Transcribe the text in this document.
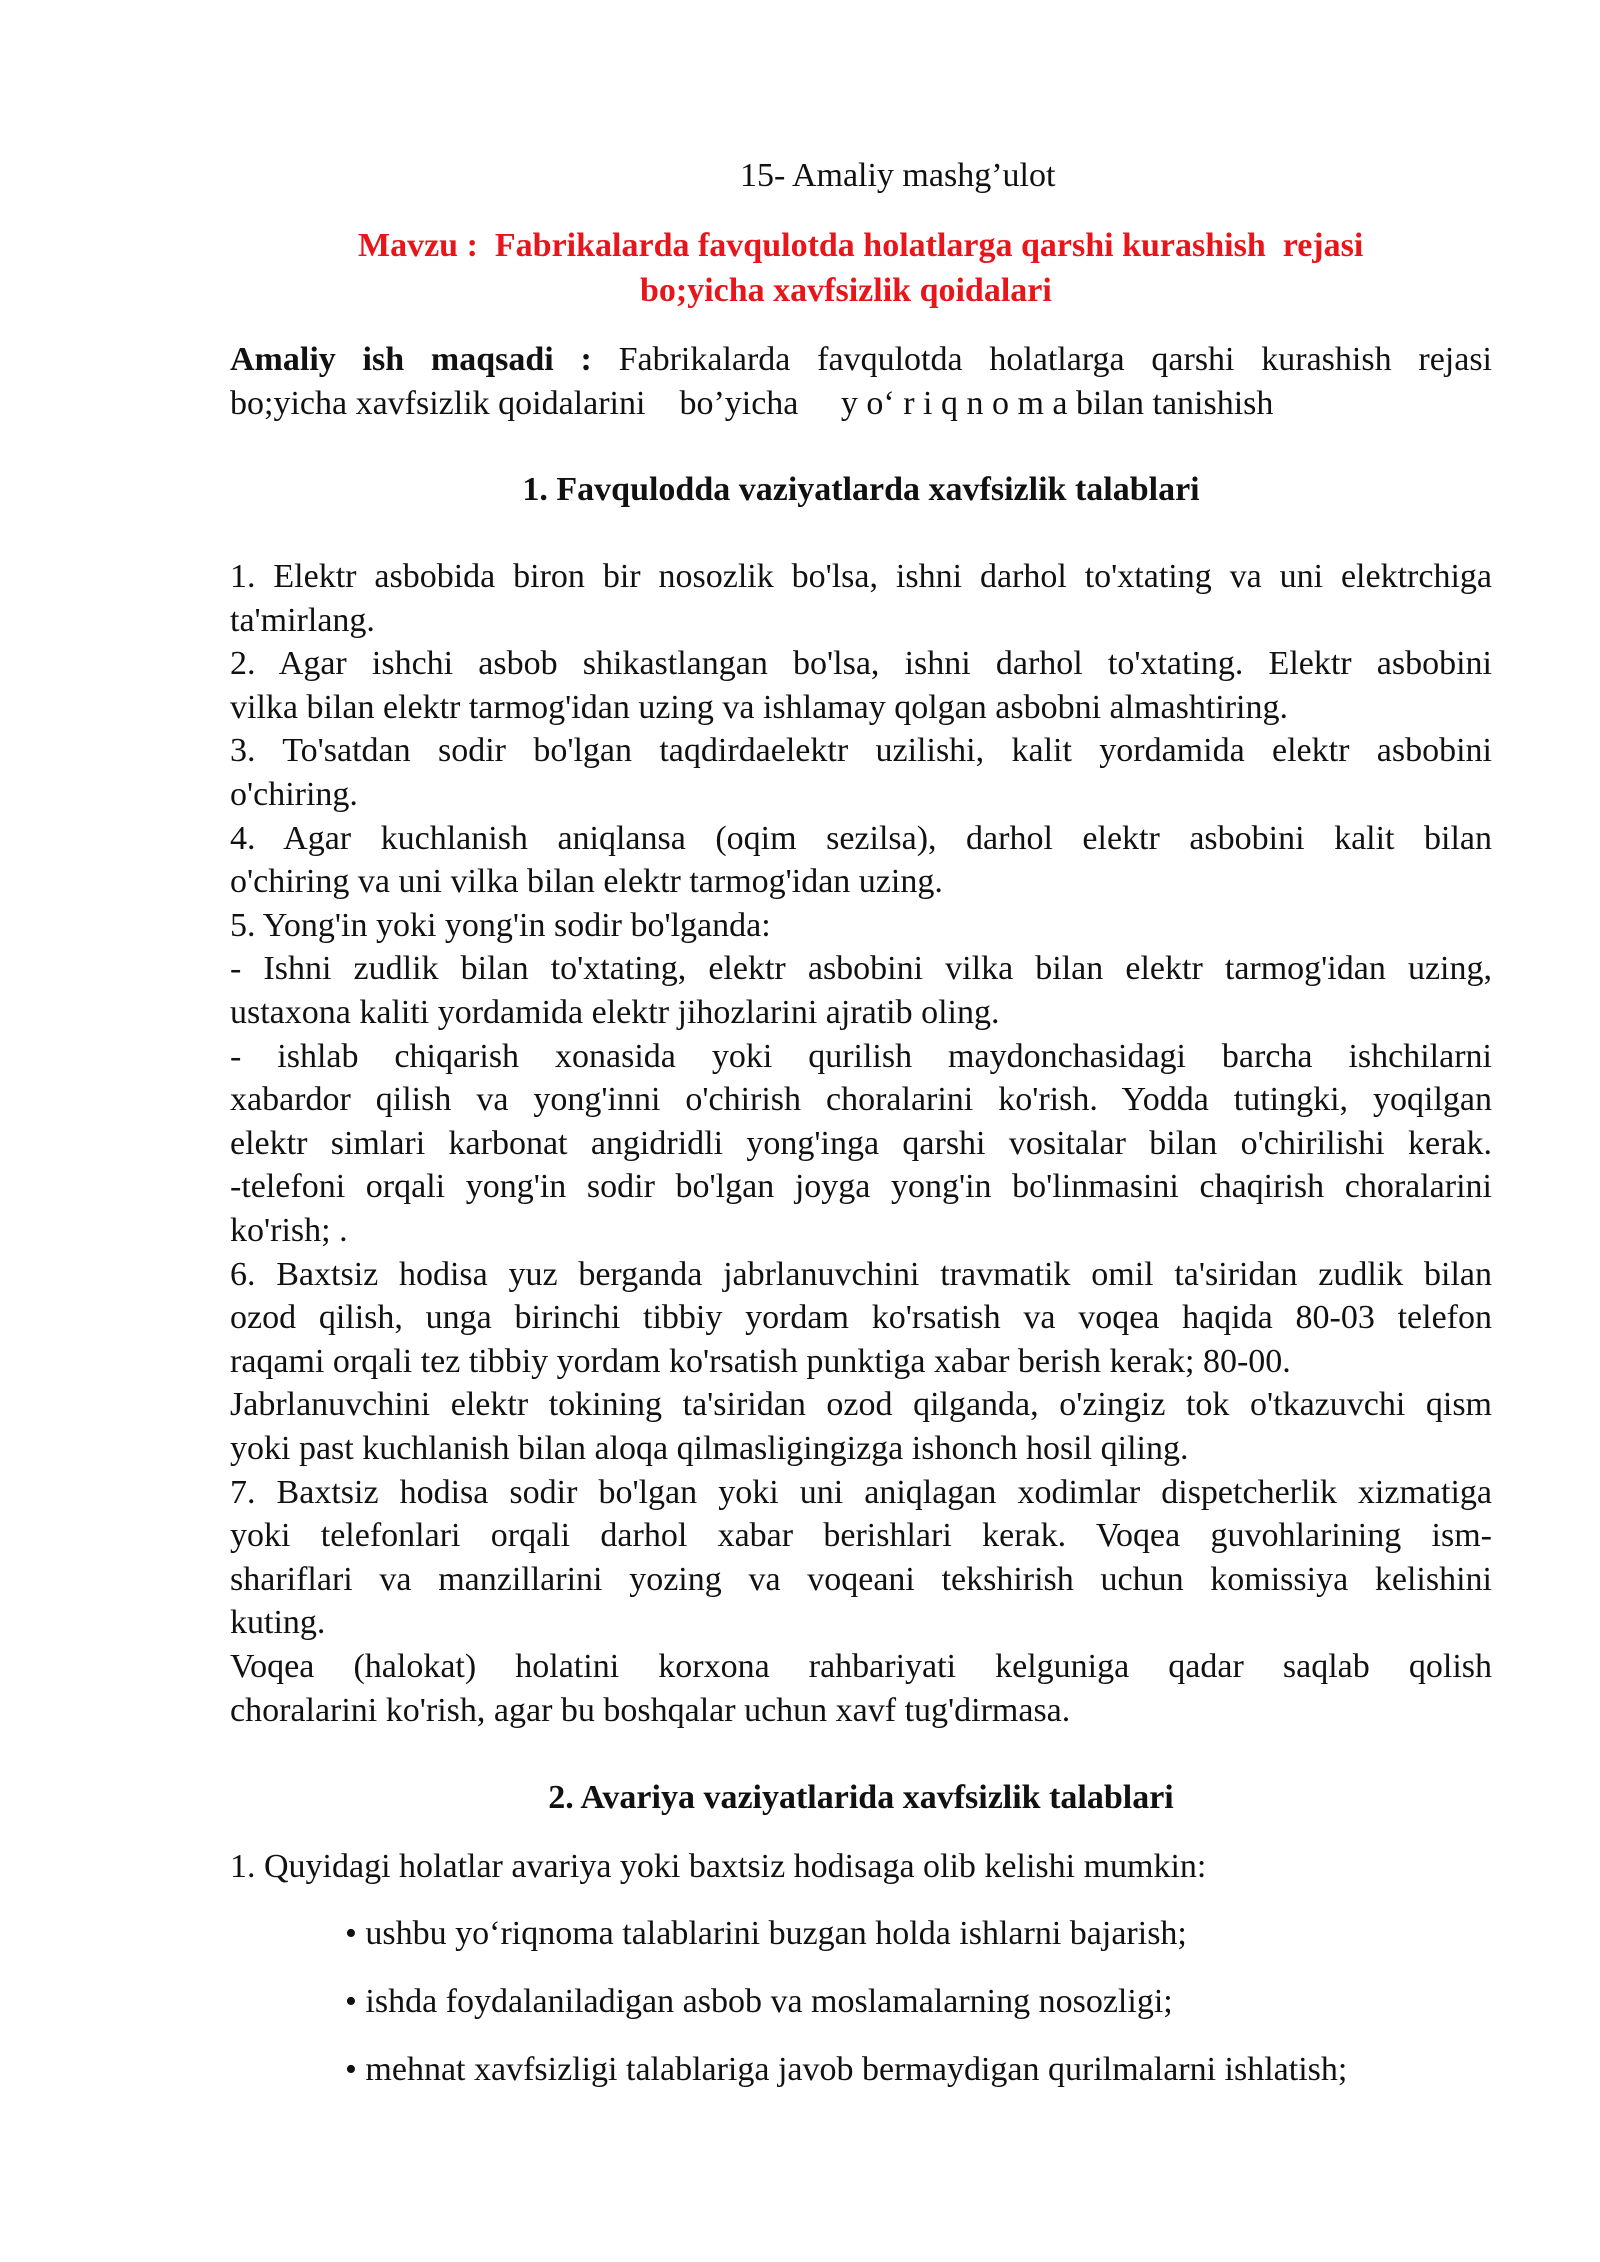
15- Amaliy mashg’ulot
Mavzu :  Fabrikalarda favqulotda holatlarga qarshi kurashish  rejasi
bo;yicha xavfsizlik qoidalari
Amaliy ish maqsadi : Fabrikalarda favqulotda holatlarga qarshi kurashish rejasi
bo;yicha xavfsizlik qoidalarini    bo’yicha     y o‘ r i q n o m a bilan tanishish
1. Favqulodda vaziyatlarda xavfsizlik talablari
1. Elektr asbobida biron bir nosozlik bo'lsa, ishni darhol to'xtating va uni elektrchiga
ta'mirlang.
2. Agar ishchi asbob shikastlangan bo'lsa, ishni darhol to'xtating. Elektr asbobini
vilka bilan elektr tarmog'idan uzing va ishlamay qolgan asbobni almashtiring.
3. To'satdan sodir bo'lgan taqdirdaelektr uzilishi, kalit yordamida elektr asbobini
o'chiring.
4. Agar kuchlanish aniqlansa (oqim sezilsa), darhol elektr asbobini kalit bilan
o'chiring va uni vilka bilan elektr tarmog'idan uzing.
5. Yong'in yoki yong'in sodir bo'lganda:
- Ishni zudlik bilan to'xtating, elektr asbobini vilka bilan elektr tarmog'idan uzing,
ustaxona kaliti yordamida elektr jihozlarini ajratib oling.
- ishlab chiqarish xonasida yoki qurilish maydonchasidagi barcha ishchilarni
xabardor qilish va yong'inni o'chirish choralarini ko'rish. Yodda tutingki, yoqilgan
elektr simlari karbonat angidridli yong'inga qarshi vositalar bilan o'chirilishi kerak.
-telefoni orqali yong'in sodir bo'lgan joyga yong'in bo'linmasini chaqirish choralarini
ko'rish; .
6. Baxtsiz hodisa yuz berganda jabrlanuvchini travmatik omil ta'siridan zudlik bilan
ozod qilish, unga birinchi tibbiy yordam ko'rsatish va voqea haqida 80-03 telefon
raqami orqali tez tibbiy yordam ko'rsatish punktiga xabar berish kerak; 80-00.
Jabrlanuvchini elektr tokining ta'siridan ozod qilganda, o'zingiz tok o'tkazuvchi qism
yoki past kuchlanish bilan aloqa qilmasligingizga ishonch hosil qiling.
7. Baxtsiz hodisa sodir bo'lgan yoki uni aniqlagan xodimlar dispetcherlik xizmatiga
yoki telefonlari orqali darhol xabar berishlari kerak. Voqea guvohlarining ism-
shariflari va manzillarini yozing va voqeani tekshirish uchun komissiya kelishini
kuting.
Voqea (halokat) holatini korxona rahbariyati kelguniga qadar saqlab qolish
choralarini ko'rish, agar bu boshqalar uchun xavf tug'dirmasa.
2. Avariya vaziyatlarida xavfsizlik talablari
1. Quyidagi holatlar avariya yoki baxtsiz hodisaga olib kelishi mumkin:
• ushbu yo‘riqnoma talablarini buzgan holda ishlarni bajarish;
• ishda foydalaniladigan asbob va moslamalarning nosozligi;
• mehnat xavfsizligi talablariga javob bermaydigan qurilmalarni ishlatish;
